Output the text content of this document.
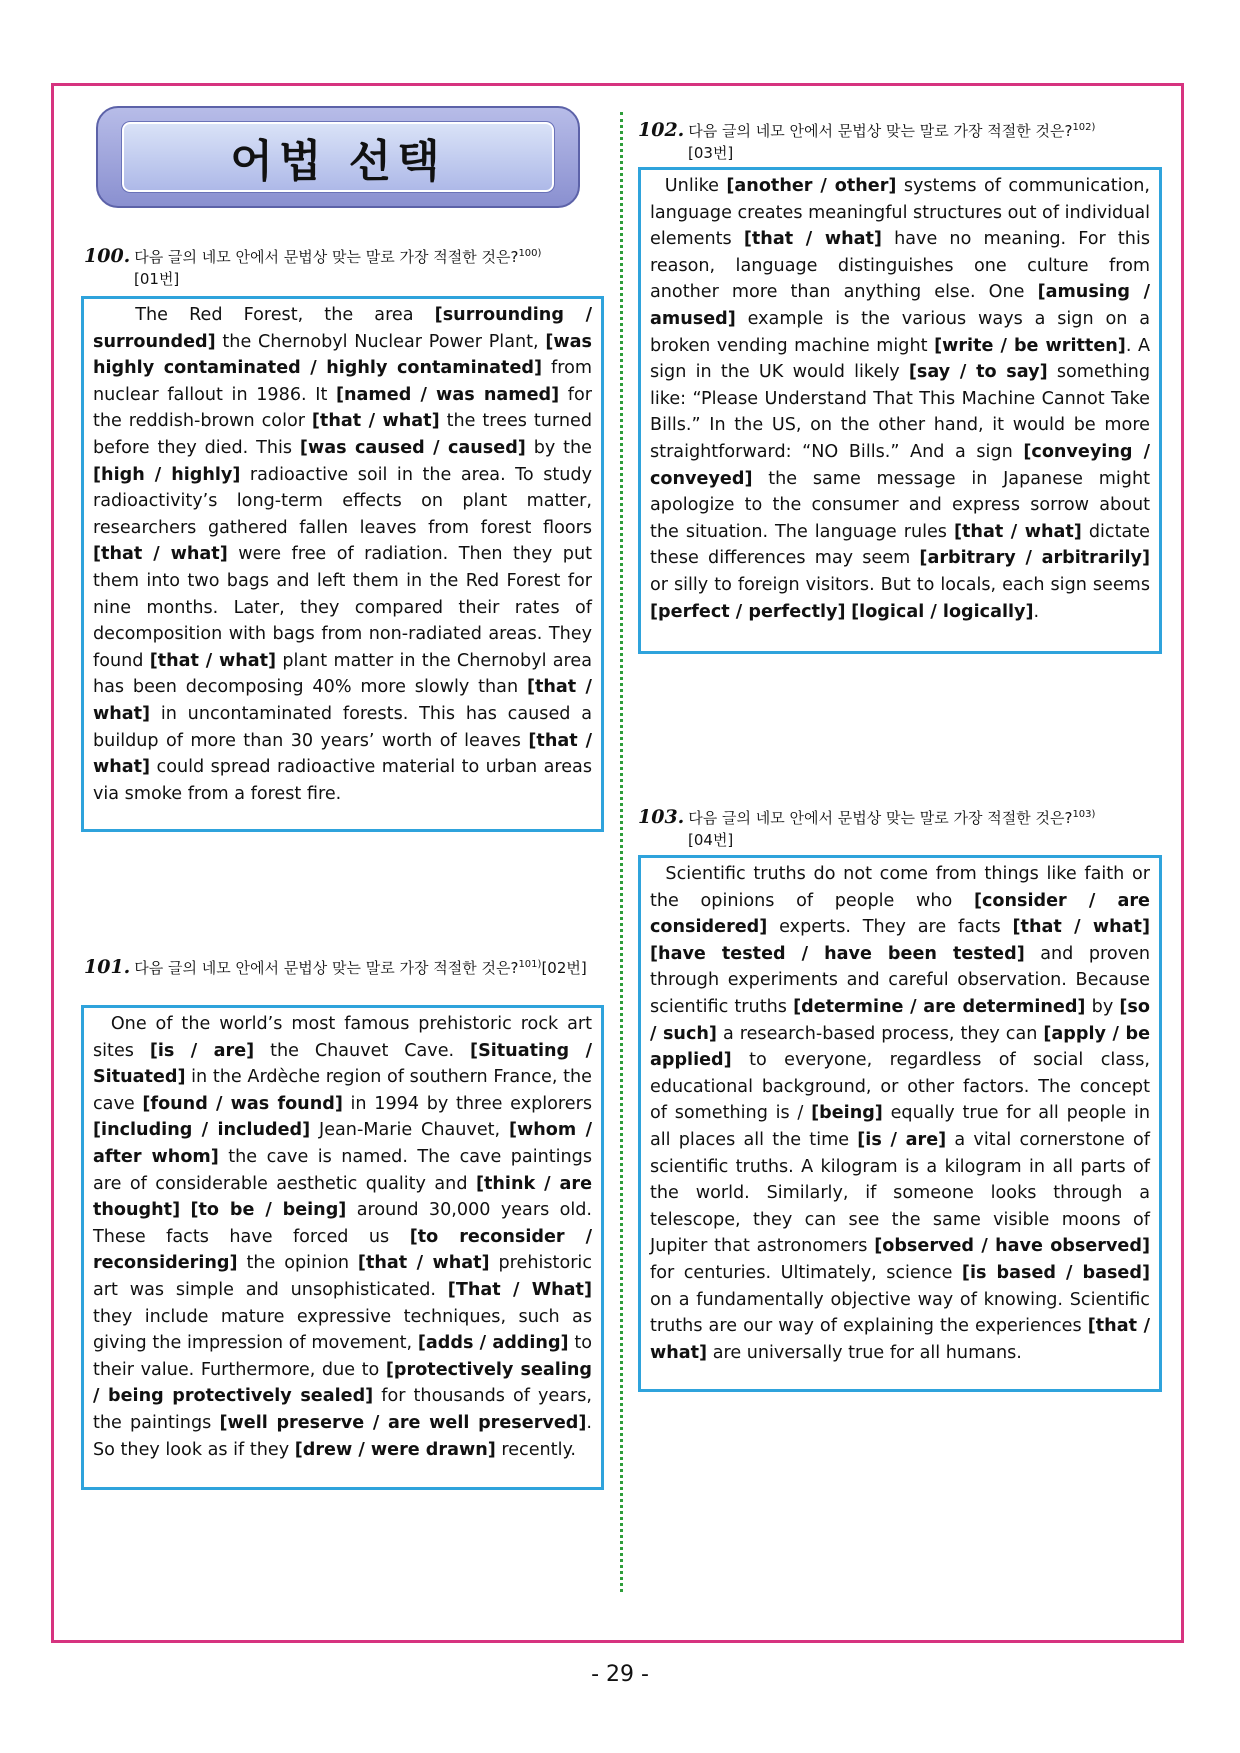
어법 선택
100. 다음 글의 네모 안에서 문법상 맞는 말로 가장 적절한 것은?$^{100)}$
[01번]
The Red Forest, the area [surrounding / surrounded] the Chernobyl Nuclear Power Plant, [was highly contaminated / highly contaminated] from nuclear fallout in 1986. It [named / was named] for the reddish-brown color [that / what] the trees turned before they died. This [was caused / caused] by the [high / highly] radioactive soil in the area. To study radioactivity’s long-term effects on plant matter, researchers gathered fallen leaves from forest floors [that / what] were free of radiation. Then they put them into two bags and left them in the Red Forest for nine months. Later, they compared their rates of decomposition with bags from non-radiated areas. They found [that / what] plant matter in the Chernobyl area has been decomposing 40% more slowly than [that / what] in uncontaminated forests. This has caused a buildup of more than 30 years’ worth of leaves [that / what] could spread radioactive material to urban areas via smoke from a forest fire.
101. 다음 글의 네모 안에서 문법상 맞는 말로 가장 적절한 것은?$^{101)}$[02번]
One of the world’s most famous prehistoric rock art sites [is / are] the Chauvet Cave. [Situating / Situated] in the Ardèche region of southern France, the cave [found / was found] in 1994 by three explorers [including / included] Jean-Marie Chauvet, [whom / after whom] the cave is named. The cave paintings are of considerable aesthetic quality and [think / are thought] [to be / being] around 30,000 years old. These facts have forced us [to reconsider / reconsidering] the opinion [that / what] prehistoric art was simple and unsophisticated. [That / What] they include mature expressive techniques, such as giving the impression of movement, [adds / adding] to their value. Furthermore, due to [protectively sealing / being protectively sealed] for thousands of years, the paintings [well preserve / are well preserved]. So they look as if they [drew / were drawn] recently.
102. 다음 글의 네모 안에서 문법상 맞는 말로 가장 적절한 것은?$^{102)}$
[03번]
Unlike [another / other] systems of communication, language creates meaningful structures out of individual elements [that / what] have no meaning. For this reason, language distinguishes one culture from another more than anything else. One [amusing / amused] example is the various ways a sign on a broken vending machine might [write / be written]. A sign in the UK would likely [say / to say] something like: “Please Understand That This Machine Cannot Take Bills.” In the US, on the other hand, it would be more straightforward: “NO Bills.” And a sign [conveying / conveyed] the same message in Japanese might apologize to the consumer and express sorrow about the situation. The language rules [that / what] dictate these differences may seem [arbitrary / arbitrarily] or silly to foreign visitors. But to locals, each sign seems [perfect / perfectly] [logical / logically].
103. 다음 글의 네모 안에서 문법상 맞는 말로 가장 적절한 것은?$^{103)}$
[04번]
Scientific truths do not come from things like faith or the opinions of people who [consider / are considered] experts. They are facts [that / what] [have tested / have been tested] and proven through experiments and careful observation. Because scientific truths [determine / are determined] by [so / such] a research-based process, they can [apply / be applied] to everyone, regardless of social class, educational background, or other factors. The concept of something is / [being] equally true for all people in all places all the time [is / are] a vital cornerstone of scientific truths. A kilogram is a kilogram in all parts of the world. Similarly, if someone looks through a telescope, they can see the same visible moons of Jupiter that astronomers [observed / have observed] for centuries. Ultimately, science [is based / based] on a fundamentally objective way of knowing. Scientific truths are our way of explaining the experiences [that / what] are universally true for all humans.
- 29 -
